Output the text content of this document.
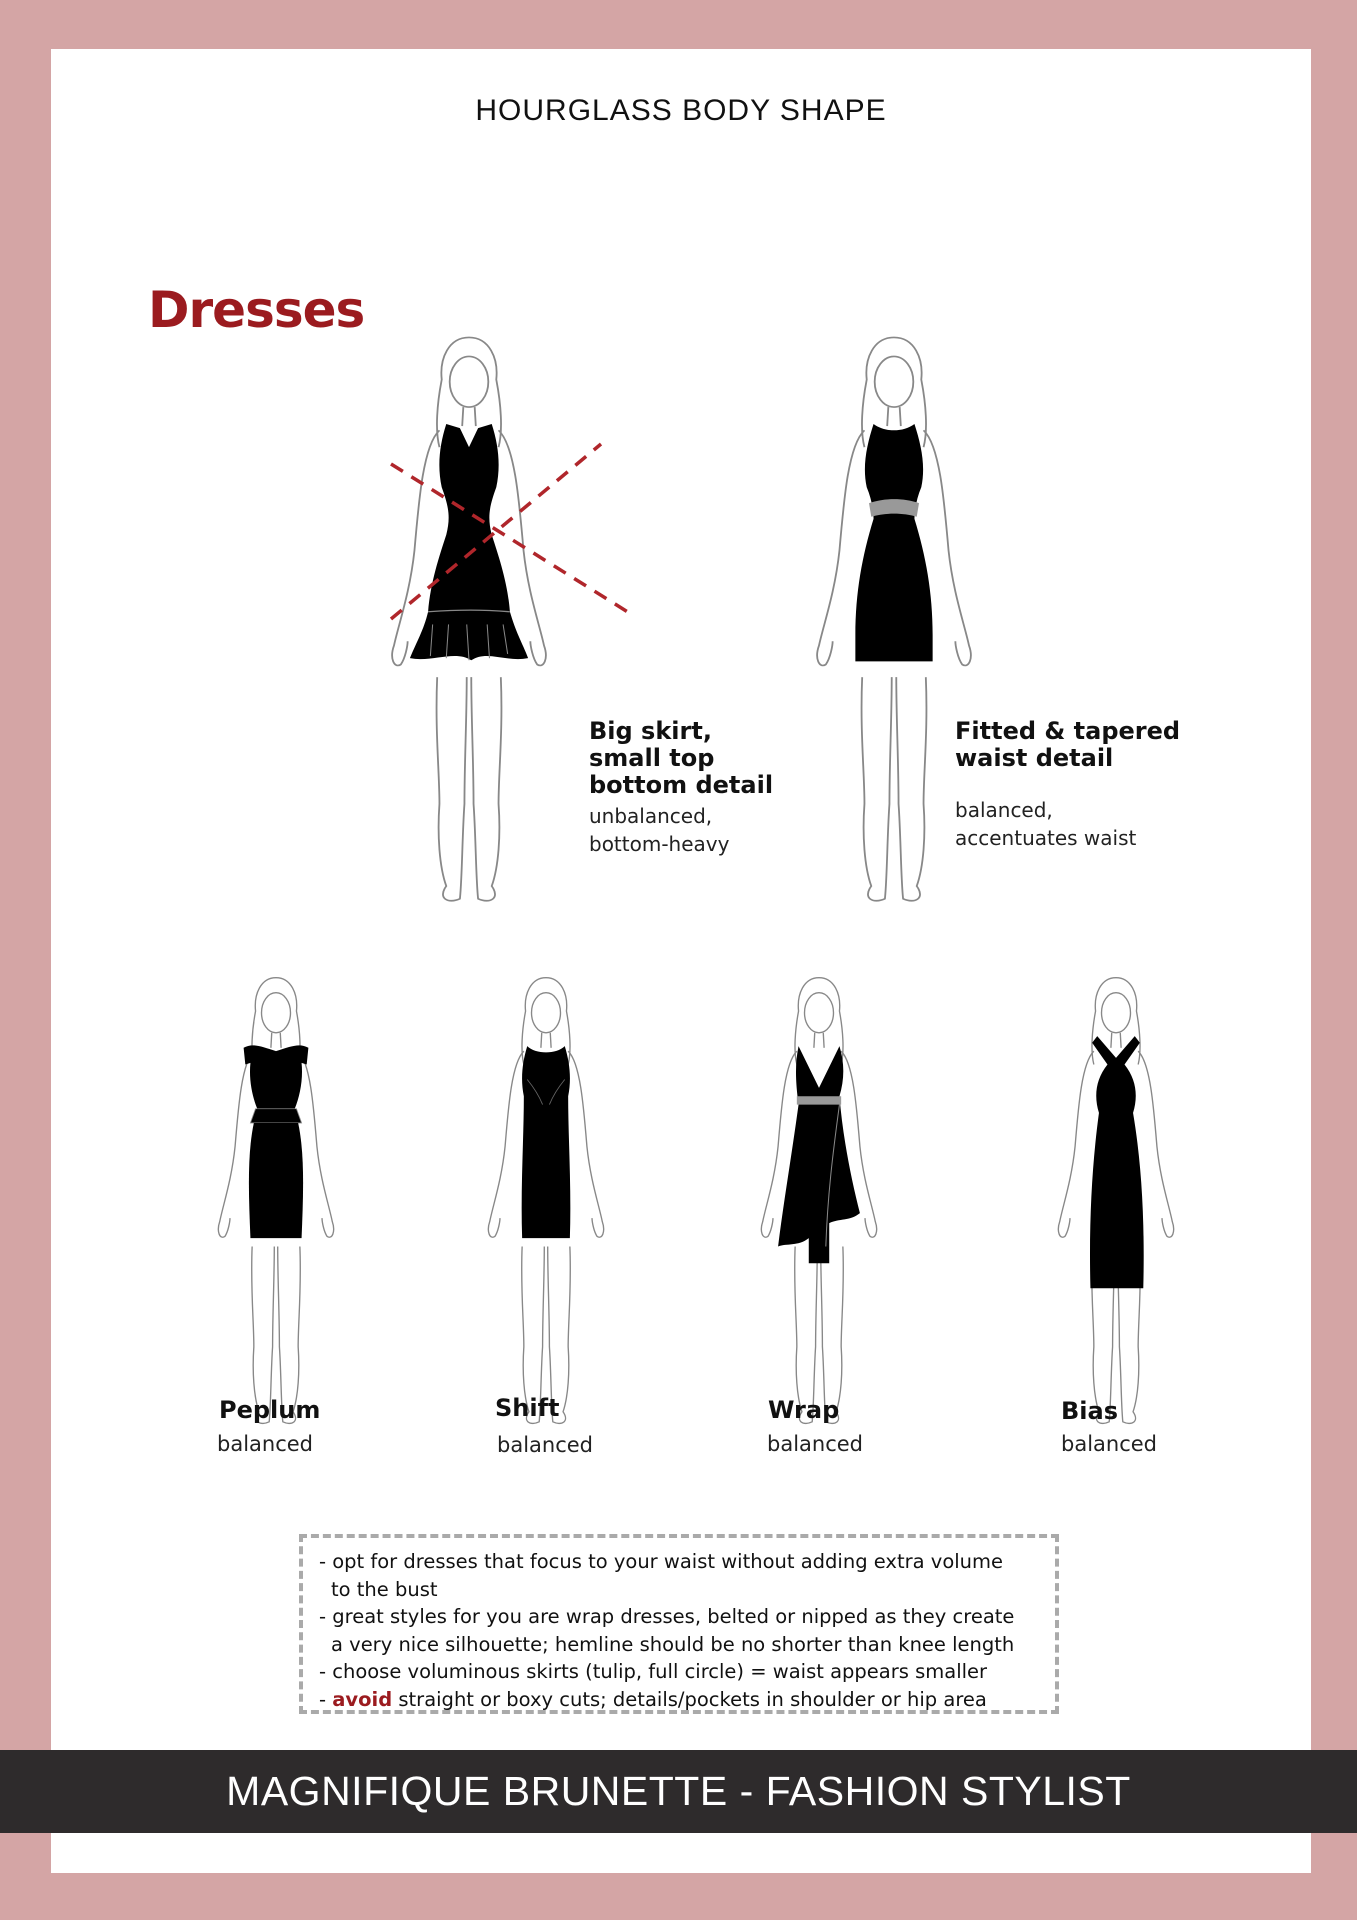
HOURGLASS BODY SHAPE
Dresses
Big skirt,
small top
bottom detail
unbalanced,
bottom-heavy
Fitted & tapered
waist detail
balanced,
accentuates waist
Peplum
balanced
Shift
balanced
Wrap
balanced
Bias
balanced
- opt for dresses that focus to your waist without adding extra volume
to the bust
- great styles for you are wrap dresses, belted or nipped as they create
a very nice silhouette; hemline should be no shorter than knee length
- choose voluminous skirts (tulip, full circle) = waist appears smaller
- avoid straight or boxy cuts; details/pockets in shoulder or hip area
MAGNIFIQUE BRUNETTE - FASHION STYLIST
